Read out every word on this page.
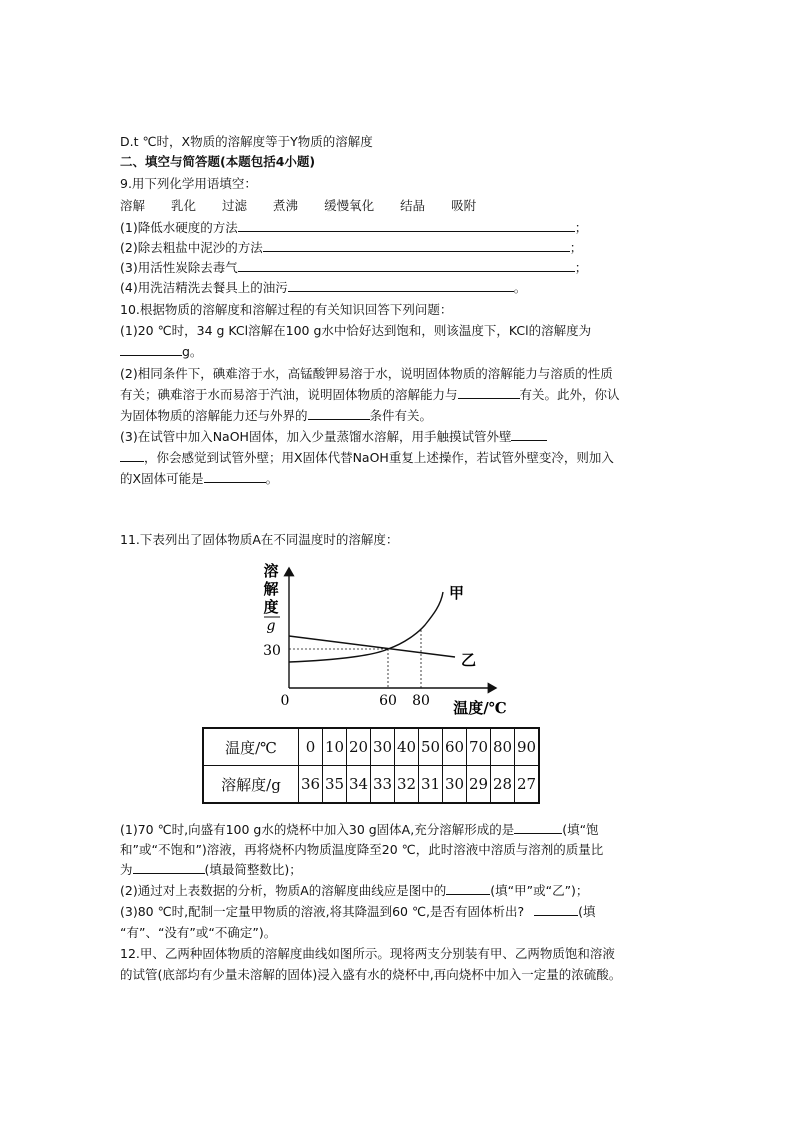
D.t ℃时，X物质的溶解度等于Y物质的溶解度
二、填空与简答题(本题包括4小题)
9.用下列化学用语填空：
溶解 乳化 过滤 煮沸 缓慢氧化 结晶 吸附
(1)降低水硬度的方法	；
(2)除去粗盐中泥沙的方法	；
(3)用活性炭除去毒气	；
(4)用洗洁精洗去餐具上的油污	。
10.根据物质的溶解度和溶解过程的有关知识回答下列问题：
(1)20 ℃时，34 g KCl溶解在100 g水中恰好达到饱和，则该温度下，KCl的溶解度为
g。
(2)相同条件下，碘难溶于水，高锰酸钾易溶于水，说明固体物质的溶解能力与溶质的性质
有关；碘难溶于水而易溶于汽油，说明固体物质的溶解能力与	有关。此外，你认
为固体物质的溶解能力还与外界的	条件有关。
(3)在试管中加入NaOH固体，加入少量蒸馏水溶解，用手触摸试管外壁
，你会感觉到试管外壁；用X固体代替NaOH重复上述操作，若试管外壁变冷，则加入
的X固体可能是	。
11.下表列出了固体物质A在不同温度时的溶解度：
溶
解
度
g
0	60 80
30
温度/℃
甲
乙
温度/℃	0	10	20	30	40	50	60	70	80	90
溶解度/g	36	35	34	33	32	31	30	29	28	27
(1)70 ℃时,向盛有100 g水的烧杯中加入30 g固体A,充分溶解形成的是	(填“饱
和”或“不饱和”)溶液，再将烧杯内物质温度降至20 ℃，此时溶液中溶质与溶剂的质量比
为	(填最简整数比)；
(2)通过对上表数据的分析，物质A的溶解度曲线应是图中的	(填“甲”或“乙”)；
(3)80 ℃时,配制一定量甲物质的溶液,将其降温到60 ℃,是否有固体析出?	(填
“有”、“没有”或“不确定”)。
12.甲、乙两种固体物质的溶解度曲线如图所示。现将两支分别装有甲、乙两物质饱和溶液
的试管(底部均有少量未溶解的固体)浸入盛有水的烧杯中,再向烧杯中加入一定量的浓硫酸。
